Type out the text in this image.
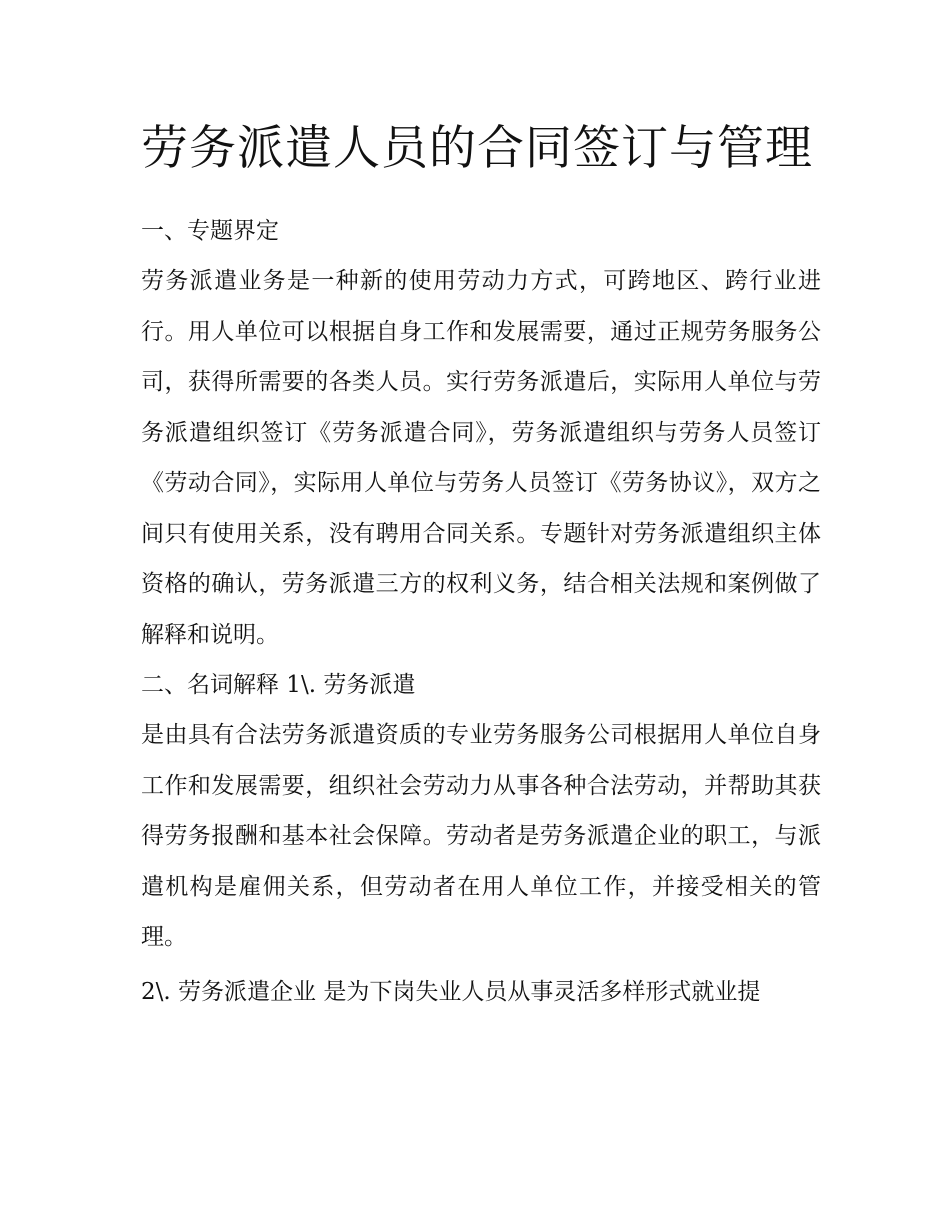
劳务派遣人员的合同签订与管理

一、专题界定

劳务派遣业务是一种新的使用劳动力方式，可跨地区、跨行业进行。用人单位可以根据自身工作和发展需要，通过正规劳务服务公司，获得所需要的各类人员。实行劳务派遣后，实际用人单位与劳务派遣组织签订《劳务派遣合同》，劳务派遣组织与劳务人员签订《劳动合同》，实际用人单位与劳务人员签订《劳务协议》，双方之间只有使用关系，没有聘用合同关系。专题针对劳务派遣组织主体资格的确认，劳务派遣三方的权利义务，结合相关法规和案例做了解释和说明。

二、名词解释 1\. 劳务派遣

是由具有合法劳务派遣资质的专业劳务服务公司根据用人单位自身工作和发展需要，组织社会劳动力从事各种合法劳动，并帮助其获得劳务报酬和基本社会保障。劳动者是劳务派遣企业的职工，与派遣机构是雇佣关系，但劳动者在用人单位工作，并接受相关的管理。

2\. 劳务派遣企业 是为下岗失业人员从事灵活多样形式就业提
